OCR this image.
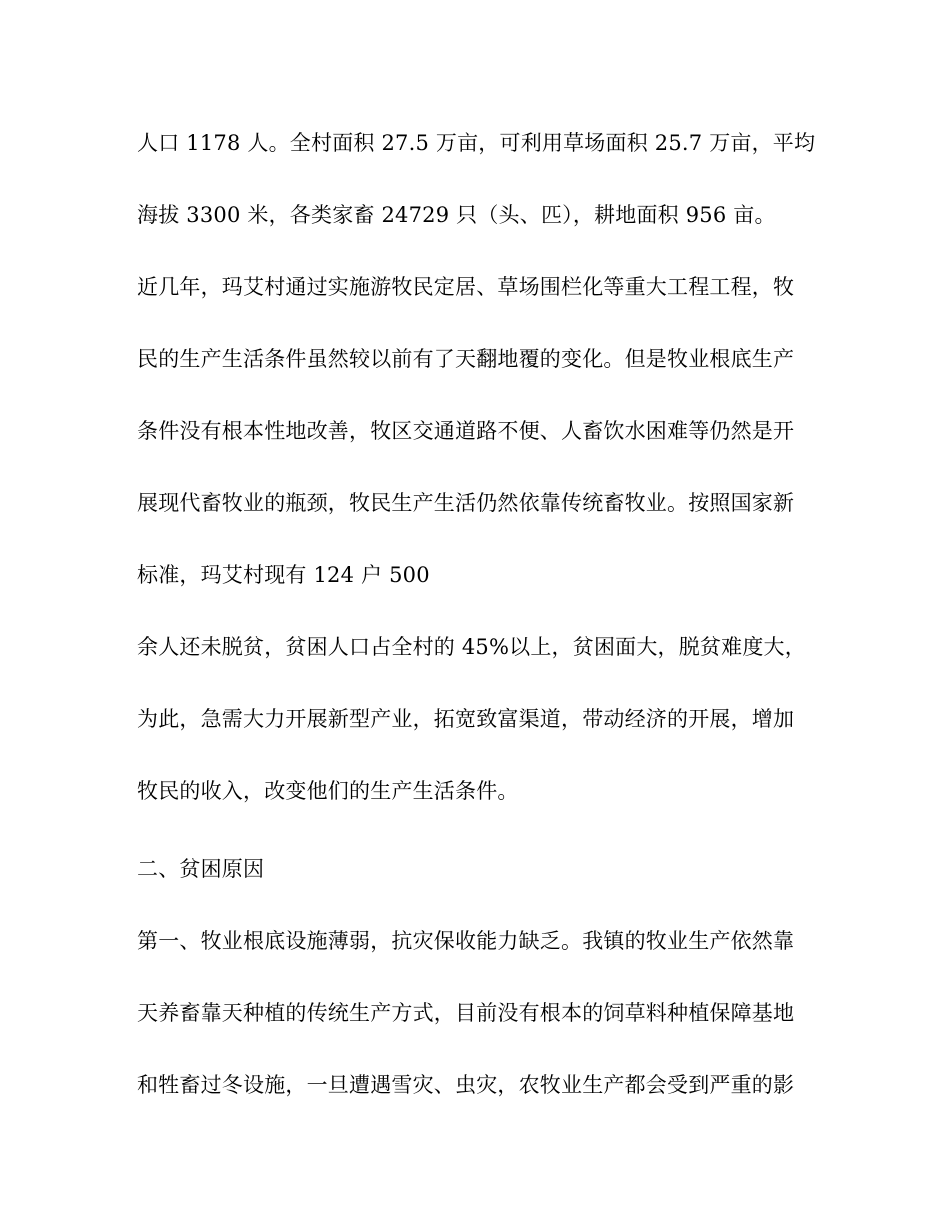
人口 1178 人。全村面积 27.5 万亩，可利用草场面积 25.7 万亩，平均
海拔 3300 米，各类家畜 24729 只（头、匹），耕地面积 956 亩。
近几年，玛艾村通过实施游牧民定居、草场围栏化等重大工程工程，牧
民的生产生活条件虽然较以前有了天翻地覆的变化。但是牧业根底生产
条件没有根本性地改善，牧区交通道路不便、人畜饮水困难等仍然是开
展现代畜牧业的瓶颈，牧民生产生活仍然依靠传统畜牧业。按照国家新
标准，玛艾村现有 124 户 500
余人还未脱贫，贫困人口占全村的 45%以上，贫困面大，脱贫难度大，
为此，急需大力开展新型产业，拓宽致富渠道，带动经济的开展，增加
牧民的收入，改变他们的生产生活条件。
二、贫困原因
第一、牧业根底设施薄弱，抗灾保收能力缺乏。我镇的牧业生产依然靠
天养畜靠天种植的传统生产方式，目前没有根本的饲草料种植保障基地
和牲畜过冬设施，一旦遭遇雪灾、虫灾，农牧业生产都会受到严重的影
